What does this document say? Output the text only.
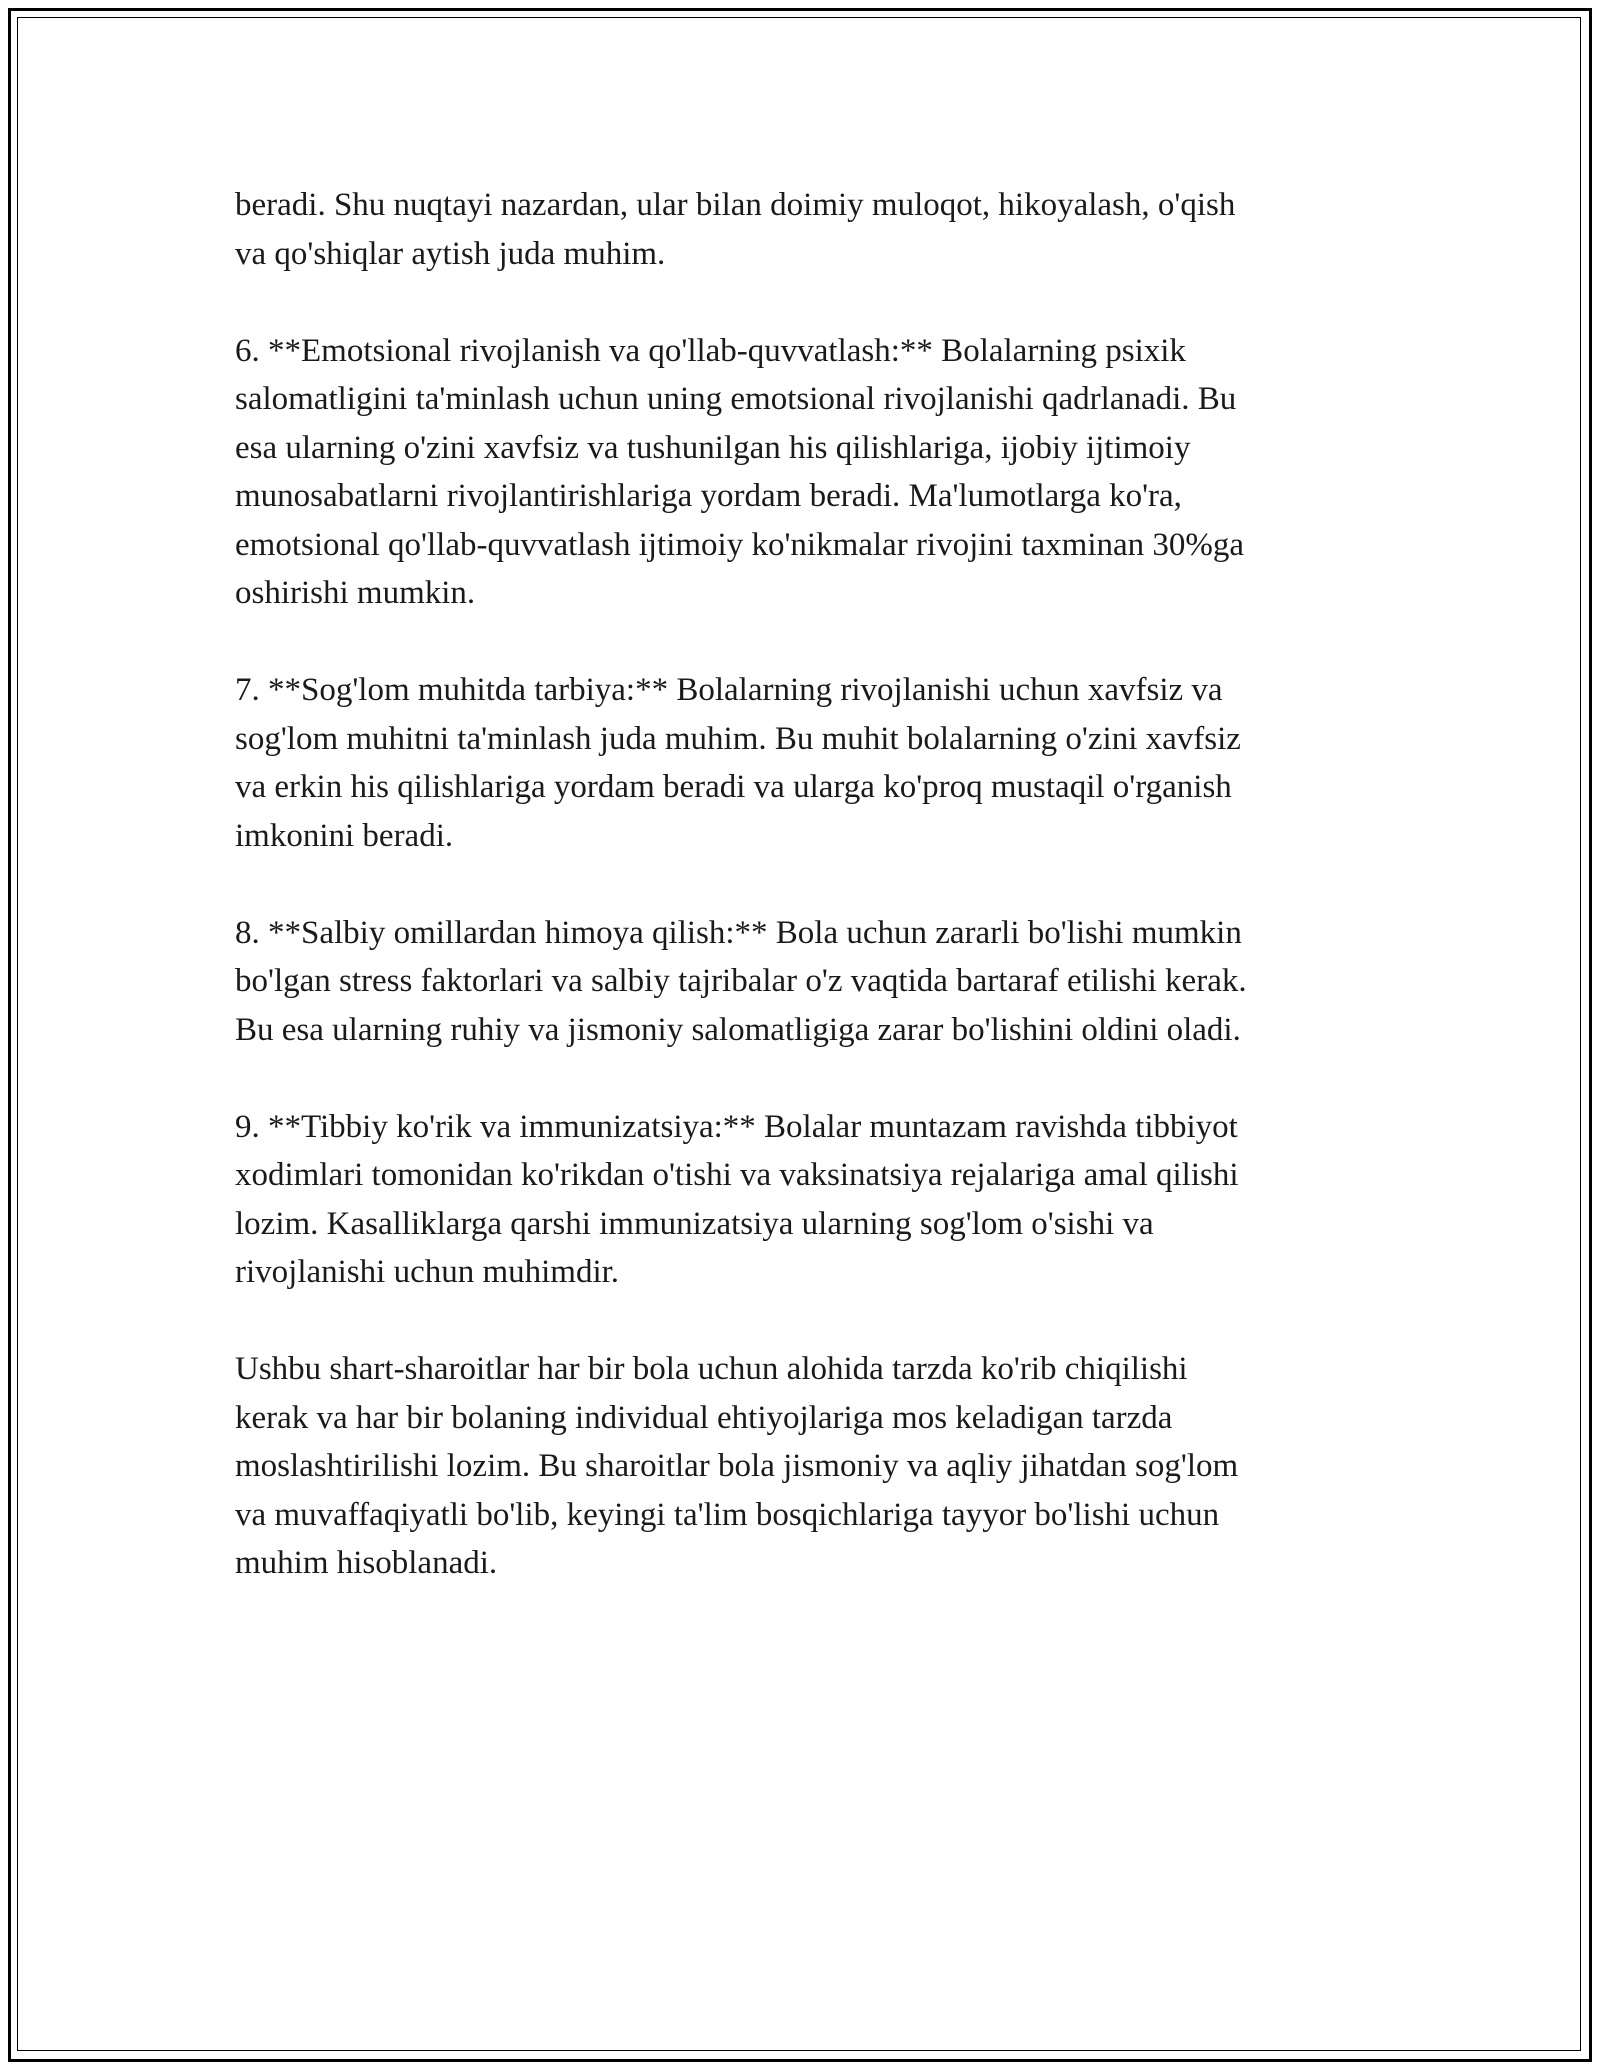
beradi. Shu nuqtayi nazardan, ular bilan doimiy muloqot, hikoyalash, o'qish
va qo'shiqlar aytish juda muhim.

6. **Emotsional rivojlanish va qo'llab-quvvatlash:** Bolalarning psixik
salomatligini ta'minlash uchun uning emotsional rivojlanishi qadrlanadi. Bu
esa ularning o'zini xavfsiz va tushunilgan his qilishlariga, ijobiy ijtimoiy
munosabatlarni rivojlantirishlariga yordam beradi. Ma'lumotlarga ko'ra,
emotsional qo'llab-quvvatlash ijtimoiy ko'nikmalar rivojini taxminan 30%ga
oshirishi mumkin.

7. **Sog'lom muhitda tarbiya:** Bolalarning rivojlanishi uchun xavfsiz va
sog'lom muhitni ta'minlash juda muhim. Bu muhit bolalarning o'zini xavfsiz
va erkin his qilishlariga yordam beradi va ularga ko'proq mustaqil o'rganish
imkonini beradi.

8. **Salbiy omillardan himoya qilish:** Bola uchun zararli bo'lishi mumkin
bo'lgan stress faktorlari va salbiy tajribalar o'z vaqtida bartaraf etilishi kerak.
Bu esa ularning ruhiy va jismoniy salomatligiga zarar bo'lishini oldini oladi.

9. **Tibbiy ko'rik va immunizatsiya:** Bolalar muntazam ravishda tibbiyot
xodimlari tomonidan ko'rikdan o'tishi va vaksinatsiya rejalariga amal qilishi
lozim. Kasalliklarga qarshi immunizatsiya ularning sog'lom o'sishi va
rivojlanishi uchun muhimdir.

Ushbu shart-sharoitlar har bir bola uchun alohida tarzda ko'rib chiqilishi
kerak va har bir bolaning individual ehtiyojlariga mos keladigan tarzda
moslashtirilishi lozim. Bu sharoitlar bola jismoniy va aqliy jihatdan sog'lom
va muvaffaqiyatli bo'lib, keyingi ta'lim bosqichlariga tayyor bo'lishi uchun
muhim hisoblanadi.
